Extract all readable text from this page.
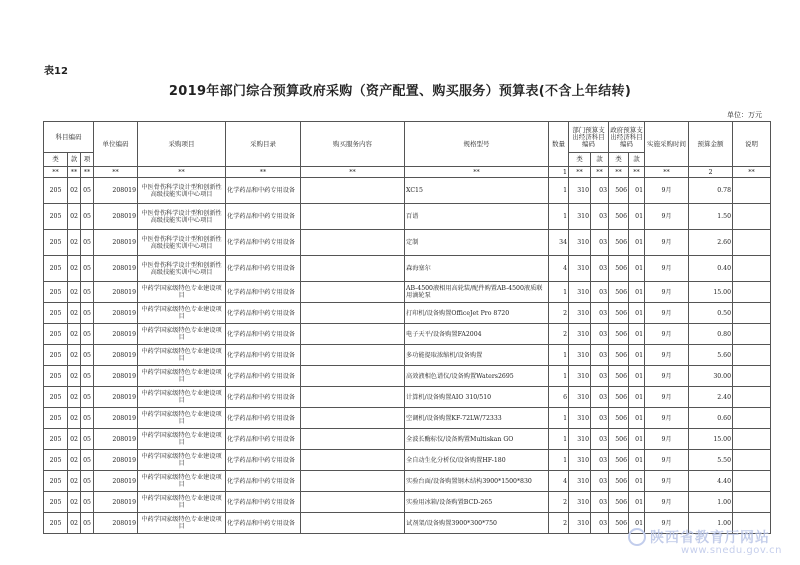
表12
2019年部门综合预算政府采购（资产配置、购买服务）预算表(不含上年结转)
单位：万元
科目编码			单位编码	采购项目	采购目录	购买服务内容	规格型号	数量	部门预算支出经济科目编码		政府预算支出经济科目编码		实施采购时间	预算金额	说明
类	款	项							类	款	类	款			
**	**	**	**	**	**	**	**	1	**	**	**	**	**	2	**
205	02	05	208019	中医骨伤科学设计型和创新性高级技能实训中心项目	化学药品和中药专用设备		XC15	1	310	03	506	01	9月	0.78	
205	02	05	208019	中医骨伤科学设计型和创新性高级技能实训中心项目	化学药品和中药专用设备		百谱	1	310	03	506	01	9月	1.50	
205	02	05	208019	中医骨伤科学设计型和创新性高级技能实训中心项目	化学药品和中药专用设备		定制	34	310	03	506	01	9月	2.60	
205	02	05	208019	中医骨伤科学设计型和创新性高级技能实训中心项目	化学药品和中药专用设备		森海塞尔	4	310	03	506	01	9月	0.40	
205	02	05	208019	中药学国家级特色专业建设项目	化学药品和中药专用设备		AB-4500液相用高轮装/配件购置AB-4500液质联用滴轮泵	1	310	03	506	01	9月	15.00	
205	02	05	208019	中药学国家级特色专业建设项目	化学药品和中药专用设备		打印机/设备购置OfficeJet Pro 8720	2	310	03	506	01	9月	0.50	
205	02	05	208019	中药学国家级特色专业建设项目	化学药品和中药专用设备		电子天平/设备购置FA2004	2	310	03	506	01	9月	0.80	
205	02	05	208019	中药学国家级特色专业建设项目	化学药品和中药专用设备		多功能提取浓缩机/设备购置	1	310	03	506	01	9月	5.60	
205	02	05	208019	中药学国家级特色专业建设项目	化学药品和中药专用设备		高效液相色谱仪/设备购置Waters2695	1	310	03	506	01	9月	30.00	
205	02	05	208019	中药学国家级特色专业建设项目	化学药品和中药专用设备		计算机/设备购置AIO 310/510	6	310	03	506	01	9月	2.40	
205	02	05	208019	中药学国家级特色专业建设项目	化学药品和中药专用设备		空调机/设备购置KF-72LW/72333	1	310	03	506	01	9月	0.60	
205	02	05	208019	中药学国家级特色专业建设项目	化学药品和中药专用设备		全波长酶标仪/设备购置Multiskan GO	1	310	03	506	01	9月	15.00	
205	02	05	208019	中药学国家级特色专业建设项目	化学药品和中药专用设备		全自动生化分析仪/设备购置HF-180	1	310	03	506	01	9月	5.50	
205	02	05	208019	中药学国家级特色专业建设项目	化学药品和中药专用设备		实验台面/设备购置钢木结构3900*1500*830	4	310	03	506	01	9月	4.40	
205	02	05	208019	中药学国家级特色专业建设项目	化学药品和中药专用设备		实验用冰箱/设备购置BCD-265	2	310	03	506	01	9月	1.00	
205	02	05	208019	中药学国家级特色专业建设项目	化学药品和中药专用设备		试剂架/设备购置3900*300*750	2	310	03	506	01	9月	1.00	
陕西省教育厅网站
www.snedu.gov.cn
